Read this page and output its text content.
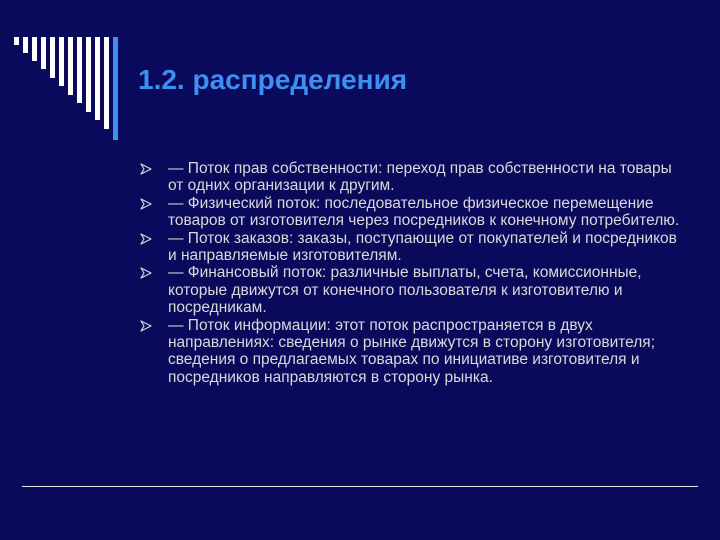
1.2. распределения
— Поток прав собственности: переход прав собственности на товары от одних организации к другим.
— Физический поток: последовательное физическое перемещение товаров от изготовителя через посредников к конечному потребителю.
— Поток заказов: заказы, поступающие от покупателей и посредников и направляемые изготовителям.
— Финансовый поток: различные выплаты, счета, комиссионные, которые движутся от конечного пользователя к изготовителю и посредникам.
— Поток информации: этот поток распространяется в двух направлениях: сведения о рынке движутся в сторону изготовителя; сведения о предлагаемых товарах по инициативе изготовителя и посредников направляются в сторону рынка.
